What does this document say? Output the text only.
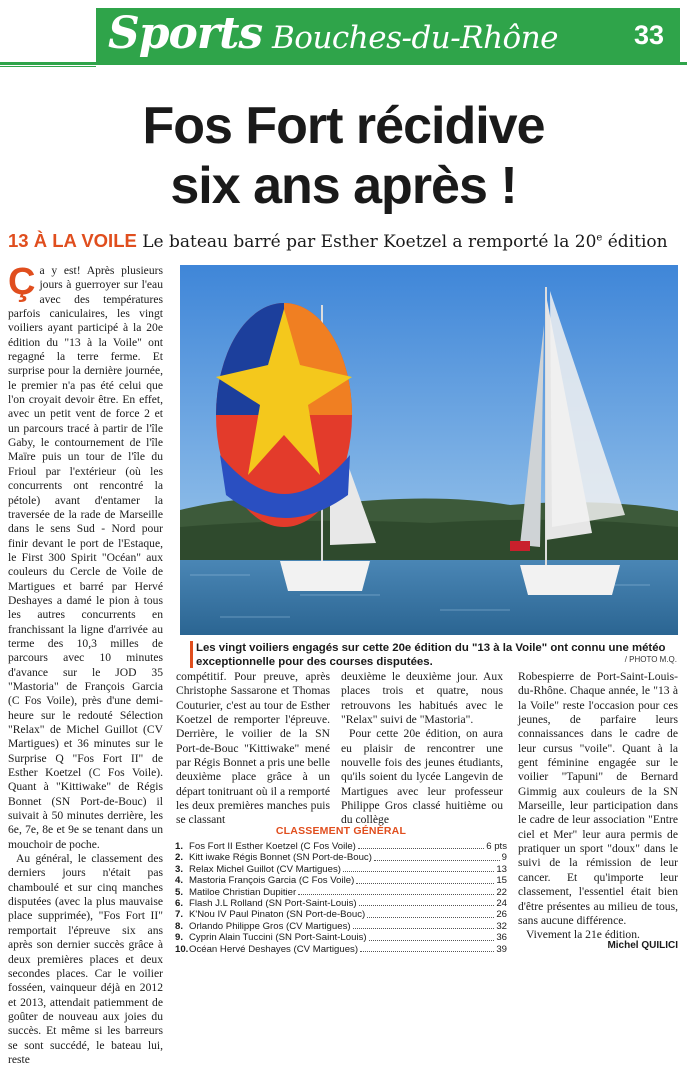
Sports Bouches-du-Rhône	33
Fos Fort récidive
six ans après !
13 À LA VOILE Le bateau barré par Esther Koetzel a remporté la 20e édition

Ça y est! Après plusieurs jours à guerroyer sur l'eau avec des températures parfois caniculaires, les vingt voiliers ayant participé à la 20e édition du "13 à la Voile" ont regagné la terre ferme. Et surprise pour la dernière journée, le premier n'a pas été celui que l'on croyait devoir être. En effet, avec un petit vent de force 2 et un parcours tracé à partir de l'île Gaby, le contournement de l'île Maïre puis un tour de l'île du Frioul par l'extérieur (où les concurrents ont rencontré la pétole) avant d'entamer la traversée de la rade de Marseille dans le sens Sud - Nord pour finir devant le port de l'Estaque, le First 300 Spirit "Océan" aux couleurs du Cercle de Voile de Martigues et barré par Hervé Deshayes a damé le pion à tous les autres concurrents en franchissant la ligne d'arrivée au terme des 10,3 milles de parcours avec 10 minutes d'avance sur le JOD 35 "Mastoria" de François Garcia (C Fos Voile), près d'une demi-heure sur le redouté Sélection "Relax" de Michel Guillot (CV Martigues) et 36 minutes sur le Surprise Q "Fos Fort II" de Esther Koetzel (C Fos Voile). Quant à "Kittiwake" de Régis Bonnet (SN Port-de-Bouc) il suivait à 50 minutes derrière, les 6e, 7e, 8e et 9e se tenant dans un mouchoir de poche.

Au général, le classement des derniers jours n'était pas chamboulé et sur cinq manches disputées (avec la plus mauvaise place supprimée), "Fos Fort II" remportait l'épreuve six ans après son dernier succès grâce à deux premières places et deux secondes places. Car le voilier fosséen, vainqueur déjà en 2012 et 2013, attendait patiemment de goûter de nouveau aux joies du succès. Et même si les barreurs se sont succédé, le bateau lui, reste

Les vingt voiliers engagés sur cette 20e édition du "13 à la Voile" ont connu une météo exceptionnelle pour des courses disputées.	/ PHOTO M.Q.

compétitif. Pour preuve, après Christophe Sassarone et Thomas Couturier, c'est au tour de Esther Koetzel de remporter l'épreuve. Derrière, le voilier de la SN Port-de-Bouc "Kittiwake" mené par Régis Bonnet a pris une belle deuxième place grâce à un départ tonitruant où il a remporté les deux premières manches puis se classant

deuxième le deuxième jour. Aux places trois et quatre, nous retrouvons les habitués avec le "Relax" suivi de "Mastoria".

Pour cette 20e édition, on aura eu plaisir de rencontrer une nouvelle fois des jeunes étudiants, qu'ils soient du lycée Langevin de Martigues avec leur professeur Philippe Gros classé huitième ou du collège

Robespierre de Port-Saint-Louis-du-Rhône. Chaque année, le "13 à la Voile" reste l'occasion pour ces jeunes, de parfaire leurs connaissances dans le cadre de leur cursus "voile". Quant à la gent féminine engagée sur le voilier "Tapuni" de Bernard Gimmig aux couleurs de la SN Marseille, leur participation dans le cadre de leur association "Entre ciel et Mer" leur aura permis de pratiquer un sport "doux" dans le suivi de la rémission de leur cancer. Et qu'importe leur classement, l'essentiel était bien d'être présentes au milieu de tous, sans aucune différence.

Vivement la 21e édition.

CLASSEMENT GÉNÉRAL
1. Fos Fort II Esther Koetzel (C Fos Voile)	6 pts
2. Kitt iwake Régis Bonnet (SN Port-de-Bouc)	9
3. Relax Michel Guillot (CV Martigues)	13
4. Mastoria François Garcia (C Fos Voile)	15
5. Matiloe Christian Dupitier	22
6. Flash J.L Rolland (SN Port-Saint-Louis)	24
7. K'Nou IV Paul Pinaton (SN Port-de-Bouc)	26
8. Orlando Philippe Gros (CV Martigues)	32
9. Cyprin Alain Tuccini (SN Port-Saint-Louis)	36
10. Océan Hervé Deshayes (CV Martigues)	39	Michel QUILICI
